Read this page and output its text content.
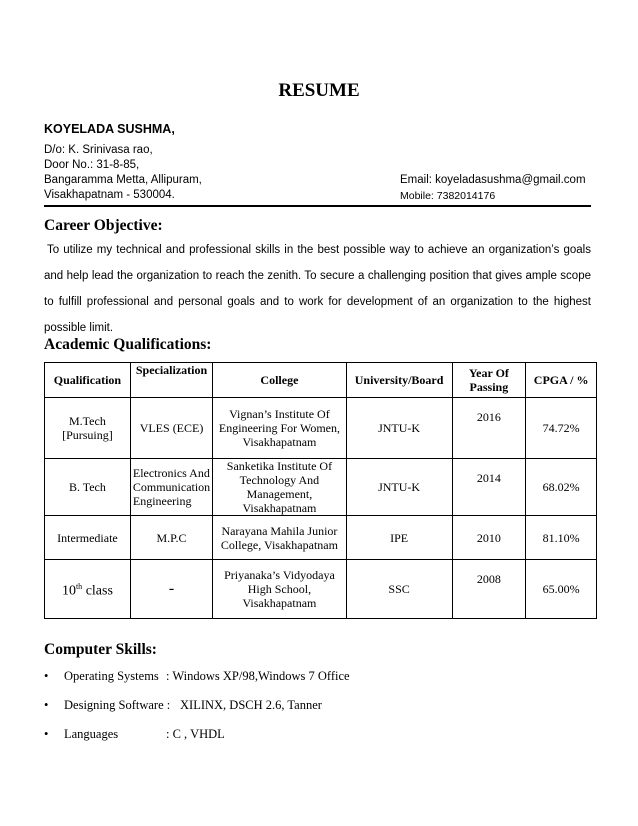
RESUME
KOYELADA SUSHMA,
D/o: K. Srinivasa rao,
Door No.: 31-8-85,
Bangaramma Metta, Allipuram,
Visakhapatnam - 530004.
Email: koyeladasushma@gmail.com
Mobile: 7382014176
Career Objective:
To utilize my technical and professional skills in the best possible way to achieve an organization’s goals
and help lead the organization to reach the zenith. To secure a challenging position that gives ample scope
to fulfill professional and personal goals and to work for development of an organization to the highest
possible limit.
Academic Qualifications:
Qualification	Specialization	College	University/Board	Year Of Passing	CPGA / %
M.Tech [Pursuing]	VLES (ECE)	Vignan’s Institute Of Engineering For Women, Visakhapatnam	JNTU-K	2016	74.72%
B. Tech	Electronics And Communication Engineering	Sanketika Institute Of Technology And Management, Visakhapatnam	JNTU-K	2014	68.02%
Intermediate	M.P.C	Narayana Mahila Junior College, Visakhapatnam	IPE	2010	81.10%
10th class	-	Priyanaka’s Vidyodaya High School, Visakhapatnam	SSC	2008	65.00%
Computer Skills:
• Operating Systems : Windows XP/98,Windows 7 Office
• Designing Software : XILINX, DSCH 2.6, Tanner
• Languages	: C , VHDL
